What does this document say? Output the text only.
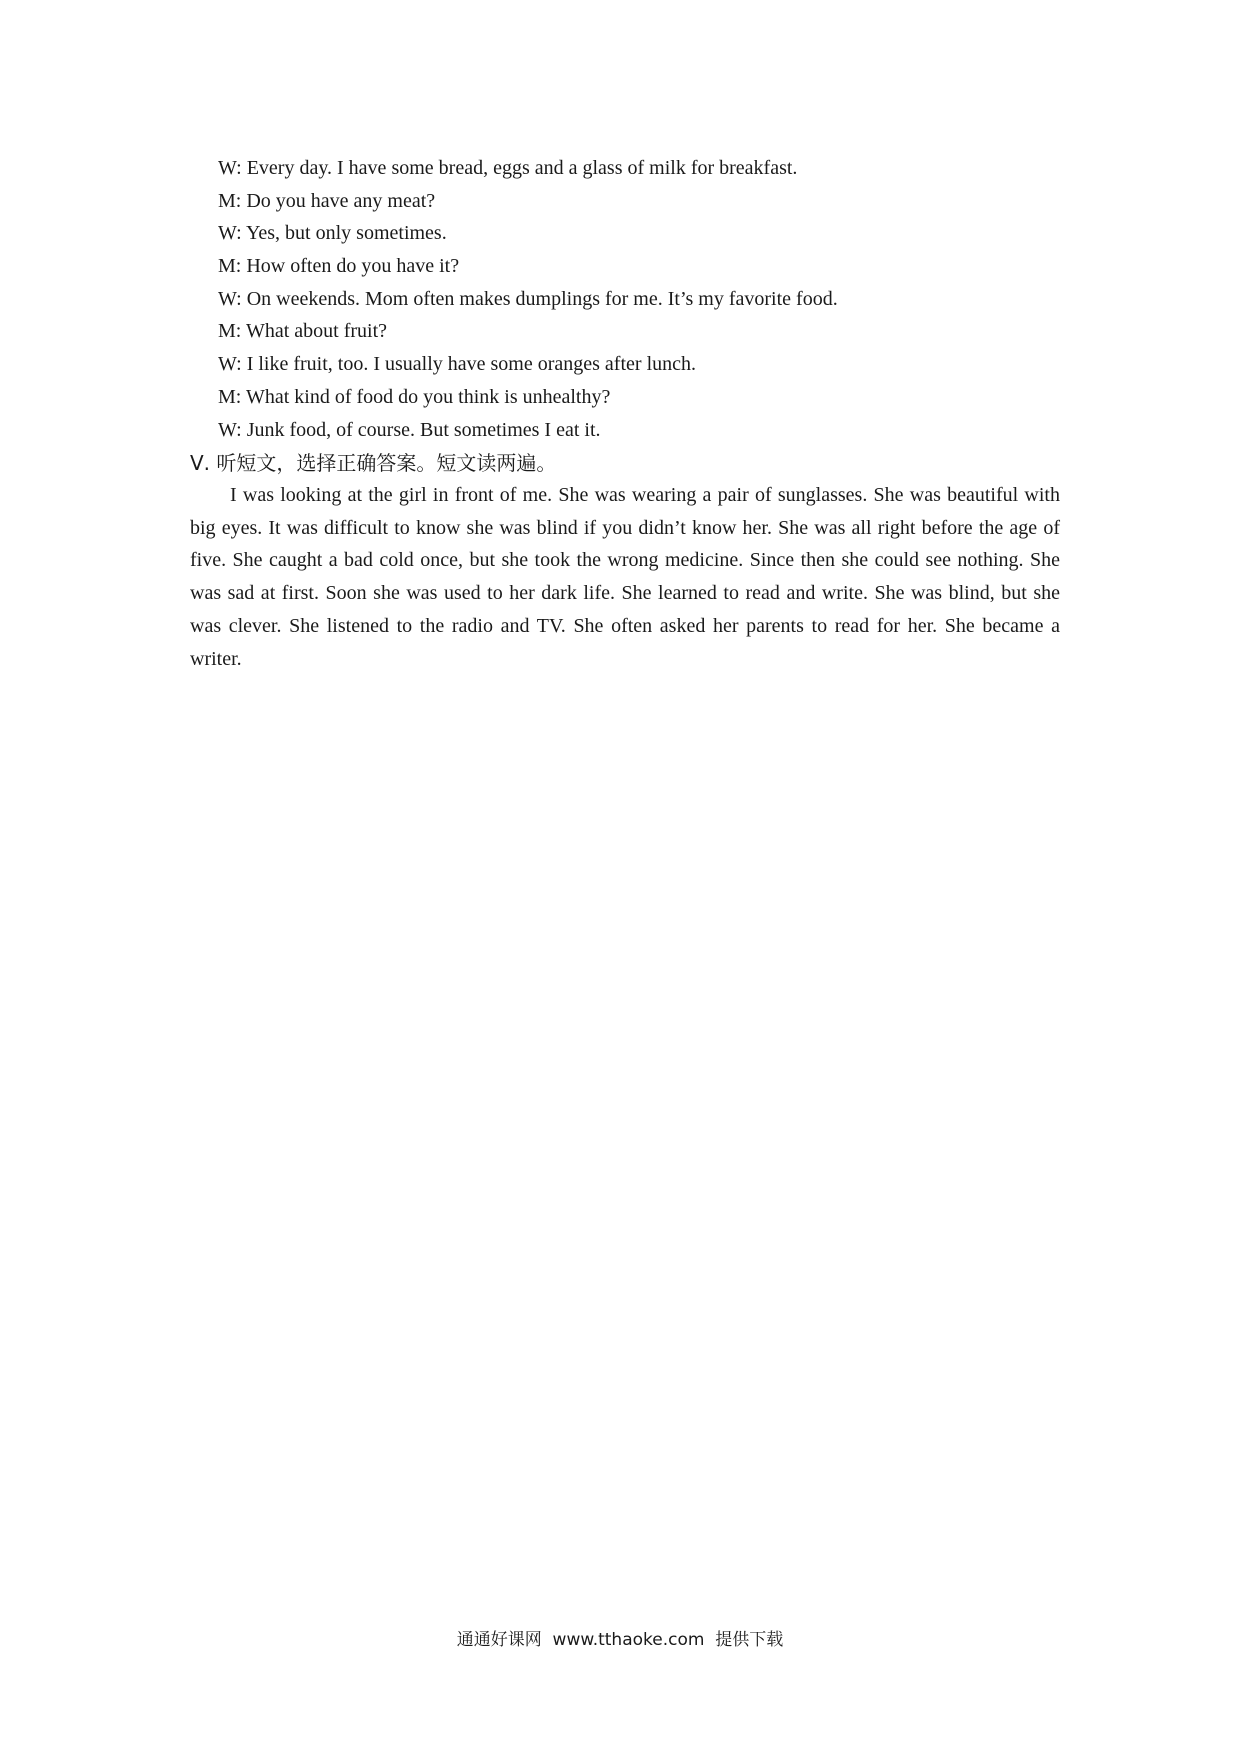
W: Every day. I have some bread, eggs and a glass of milk for breakfast.
M: Do you have any meat?
W: Yes, but only sometimes.
M: How often do you have it?
W: On weekends. Mom often makes dumplings for me. It’s my favorite food.
M: What about fruit?
W: I like fruit, too. I usually have some oranges after lunch.
M: What kind of food do you think is unhealthy?
W: Junk food, of course. But sometimes I eat it.
Ⅴ. 听短文，选择正确答案。短文读两遍。

I was looking at the girl in front of me. She was wearing a pair of sunglasses. She was beautiful with big eyes. It was difficult to know she was blind if you didn’t know her. She was all right before the age of five. She caught a bad cold once, but she took the wrong medicine. Since then she could see nothing. She was sad at first. Soon she was used to her dark life. She learned to read and write. She was blind, but she was clever. She listened to the radio and TV. She often asked her parents to read for her. She became a writer.

通通好课网  www.tthaoke.com  提供下载
